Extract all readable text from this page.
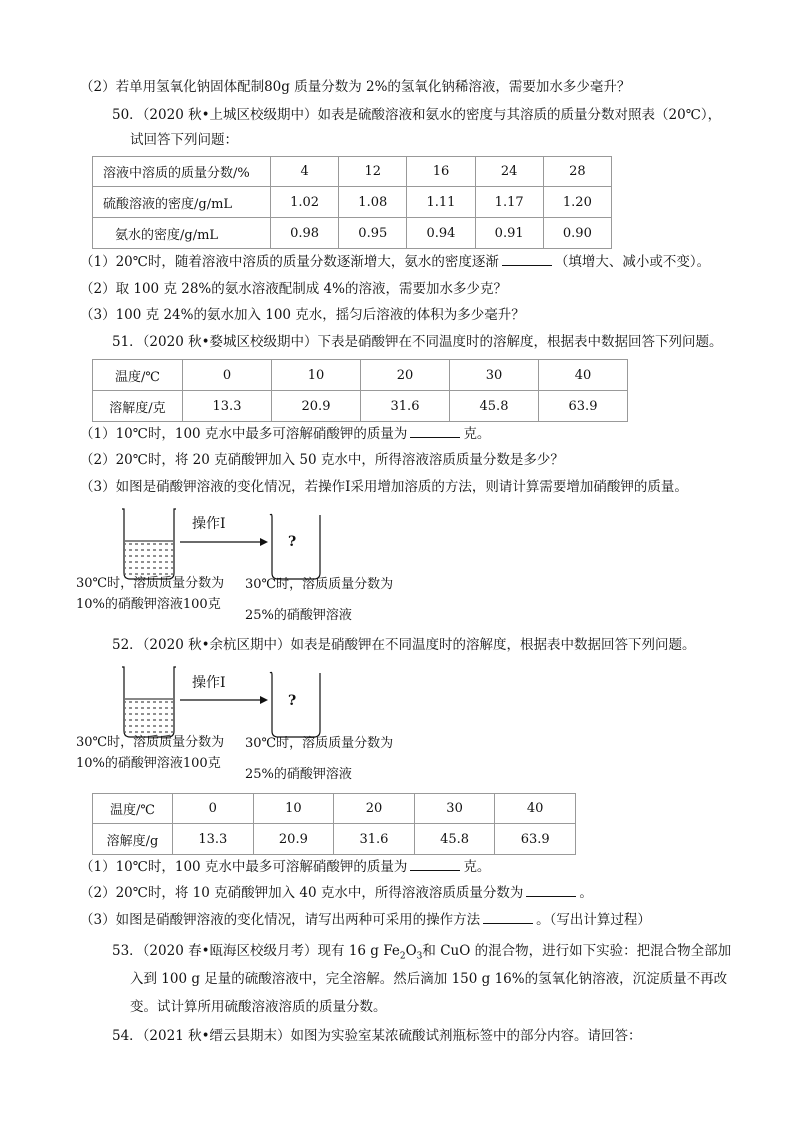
（2）若单用氢氧化钠固体配制80g 质量分数为 2%的氢氧化钠稀溶液，需要加水多少毫升？
50．（2020 秋•上城区校级期中）如表是硫酸溶液和氨水的密度与其溶质的质量分数对照表（20℃），
试回答下列问题：
溶液中溶质的质量分数/%	4	12	16	24	28
硫酸溶液的密度/g/mL	1.02	1.08	1.11	1.17	1.20
氨水的密度/g/mL	0.98	0.95	0.94	0.91	0.90
（1）20℃时，随着溶液中溶质的质量分数逐渐增大，氨水的密度逐渐	（填增大、减小或不变）。
（2）取 100 克 28%的氨水溶液配制成 4%的溶液，需要加水多少克？
（3）100 克 24%的氨水加入 100 克水，摇匀后溶液的体积为多少毫升？
51．（2020 秋•婺城区校级期中）下表是硝酸钾在不同温度时的溶解度，根据表中数据回答下列问题。
温度/℃	0	10	20	30	40
溶解度/克	13.3	20.9	31.6	45.8	63.9
（1）10℃时，100 克水中最多可溶解硝酸钾的质量为	克。
（2）20℃时，将 20 克硝酸钾加入 50 克水中，所得溶液溶质质量分数是多少？
（3）如图是硝酸钾溶液的变化情况，若操作Ⅰ采用增加溶质的方法，则请计算需要增加硝酸钾的质量。
操作Ⅰ
?
30℃时，溶质质量分数为
10%的硝酸钾溶液100克
30℃时，溶质质量分数为
25%的硝酸钾溶液
52．（2020 秋•余杭区期中）如表是硝酸钾在不同温度时的溶解度，根据表中数据回答下列问题。
操作Ⅰ
?
30℃时，溶质质量分数为
10%的硝酸钾溶液100克
30℃时，溶质质量分数为
25%的硝酸钾溶液
温度/℃	0	10	20	30	40
溶解度/g	13.3	20.9	31.6	45.8	63.9
（1）10℃时，100 克水中最多可溶解硝酸钾的质量为	克。
（2）20℃时，将 10 克硝酸钾加入 40 克水中，所得溶液溶质质量分数为	。
（3）如图是硝酸钾溶液的变化情况，请写出两种可采用的操作方法	。（写出计算过程）
53．（2020 春•瓯海区校级月考）现有 16 g $Fe_2O_3$和 CuO 的混合物，进行如下实验：把混合物全部加
入到 100 g 足量的硫酸溶液中，完全溶解。然后滴加 150 g 16%的氢氧化钠溶液，沉淀质量不再改
变。试计算所用硫酸溶液溶质的质量分数。
54．（2021 秋•缙云县期末）如图为实验室某浓硫酸试剂瓶标签中的部分内容。请回答：
